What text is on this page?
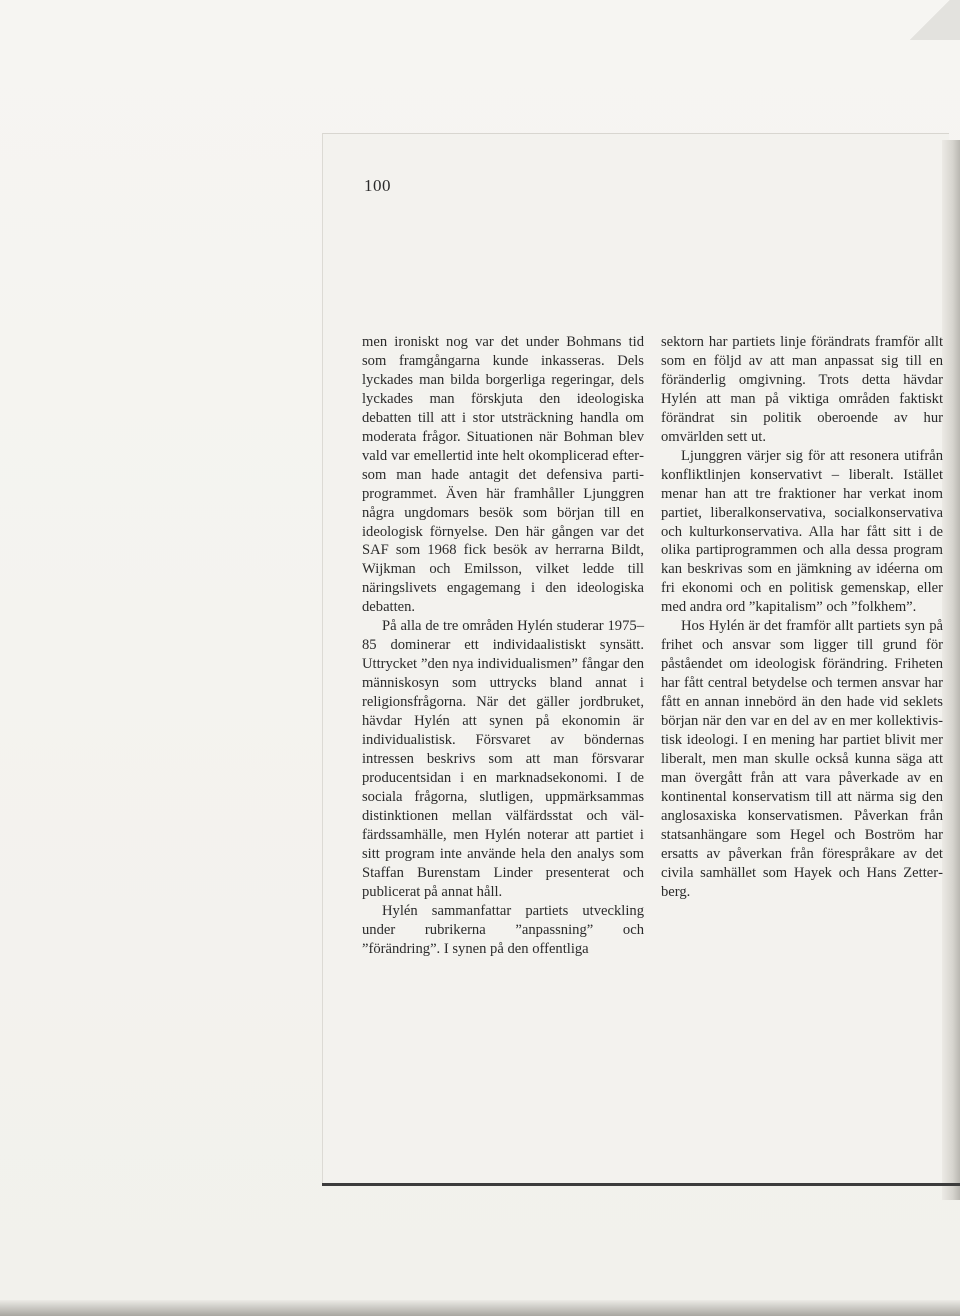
100

men ironiskt nog var det under Bohmans tid som framgångarna kunde inkasseras. Dels lyckades man bilda borgerliga regeringar, dels lyckades man förskjuta den ideologiska debatten till att i stor utsträckning handla om moderata frågor. Situationen när Bohman blev vald var emellertid inte helt okomplicerad eftersom man hade antagit det defensiva partiprogrammet. Även här framhåller Ljunggren några ungdomars besök som början till en ideologisk förnyelse. Den här gången var det SAF som 1968 fick besök av herrarna Bildt, Wijkman och Emilsson, vilket ledde till näringslivets engagemang i den ideologiska debatten.

På alla de tre områden Hylén studerar 1975–85 dominerar ett individaalistiskt synsätt. Uttrycket ”den nya individualismen” fångar den människosyn som uttrycks bland annat i religionsfrågorna. När det gäller jordbruket, hävdar Hylén att synen på ekonomin är individualistisk. Försvaret av böndernas intressen beskrivs som att man försvarar producentsidan i en marknadsekonomi. I de sociala frågorna, slutligen, uppmärksammas distinktionen mellan välfärdsstat och välfärdssamhälle, men Hylén noterar att partiet i sitt program inte använde hela den analys som Staffan Burenstam Linder presenterat och publicerat på annat håll.

Hylén sammanfattar partiets utveckling under rubrikerna ”anpassning” och ”förändring”. I synen på den offentliga

sektorn har partiets linje förändrats framför allt som en följd av att man anpassat sig till en föränderlig omgivning. Trots detta hävdar Hylén att man på viktiga områden faktiskt förändrat sin politik oberoende av hur omvärlden sett ut.

Ljunggren värjer sig för att resonera utifrån konfliktlinjen konservativt – liberalt. Istället menar han att tre fraktioner har verkat inom partiet, liberalkonservativa, socialkonservativa och kulturkonservativa. Alla har fått sitt i de olika partiprogrammen och alla dessa program kan beskrivas som en jämkning av idéerna om fri ekonomi och en politisk gemenskap, eller med andra ord ”kapitalism” och ”folkhem”.

Hos Hylén är det framför allt partiets syn på frihet och ansvar som ligger till grund för påståendet om ideologisk förändring. Friheten har fått central betydelse och termen ansvar har fått en annan innebörd än den hade vid seklets början när den var en del av en mer kollektivistisk ideologi. I en mening har partiet blivit mer liberalt, men man skulle också kunna säga att man övergått från att vara påverkade av en kontinental konservatism till att närma sig den anglosaxiska konservatismen. Påverkan från statsanhängare som Hegel och Boström har ersatts av påverkan från förespråkare av det civila samhället som Hayek och Hans Zetterberg.
